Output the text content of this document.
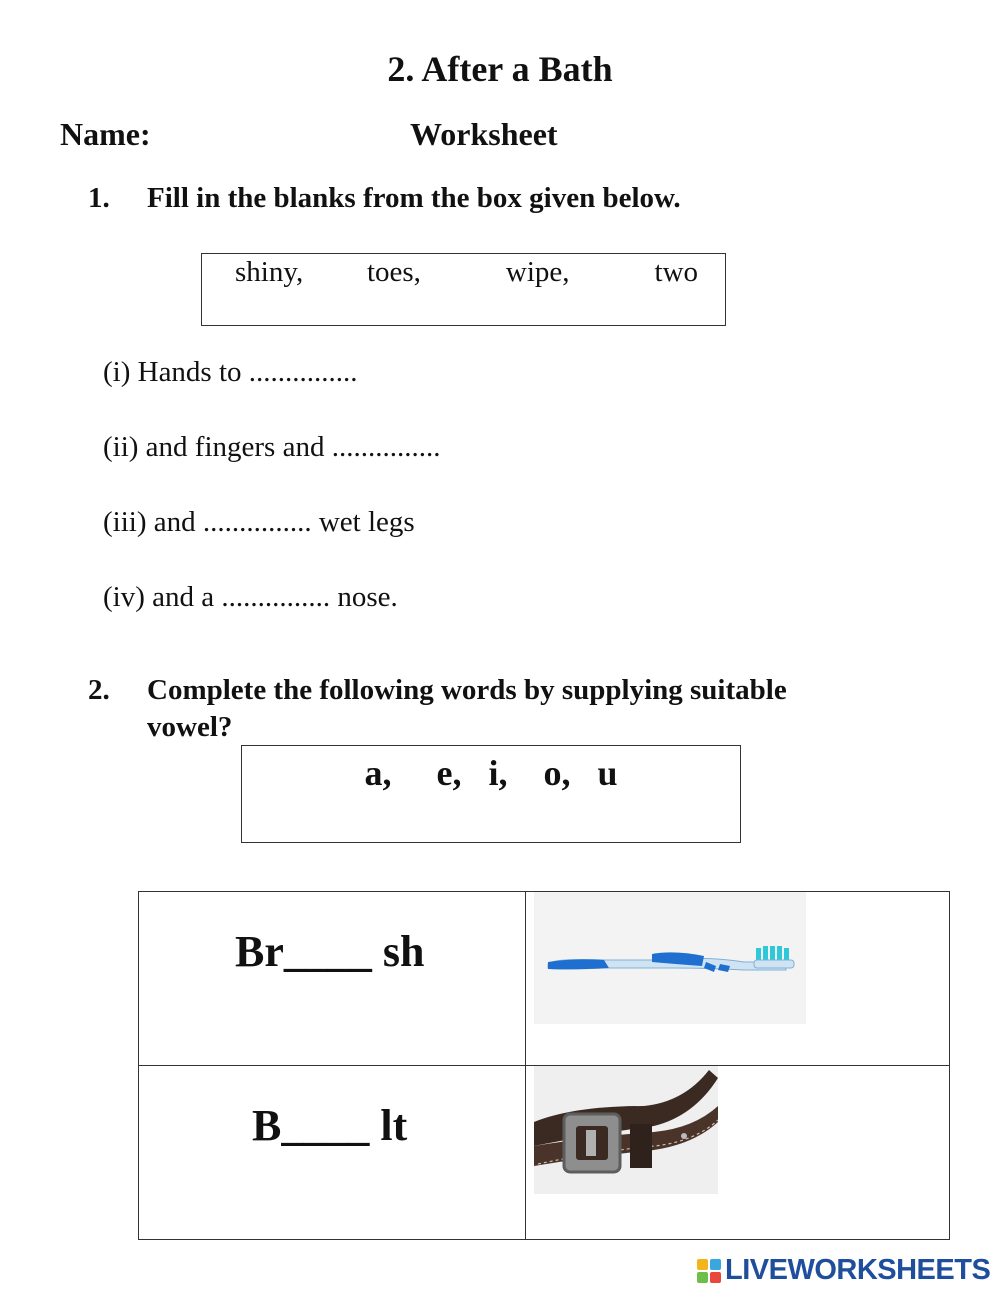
2. After a Bath
Name:	Worksheet
1. Fill in the blanks from the box given below.
shiny,   toes,    wipe,    two
(i) Hands to ...............
(ii) and fingers and ...............
(iii) and ............... wet legs
(iv) and a ............... nose.
2. Complete the following words by supplying suitable
vowel?
a,     e,   i,    o,   u
Br____ sh

B____ lt

LIVEWORKSHEETS
